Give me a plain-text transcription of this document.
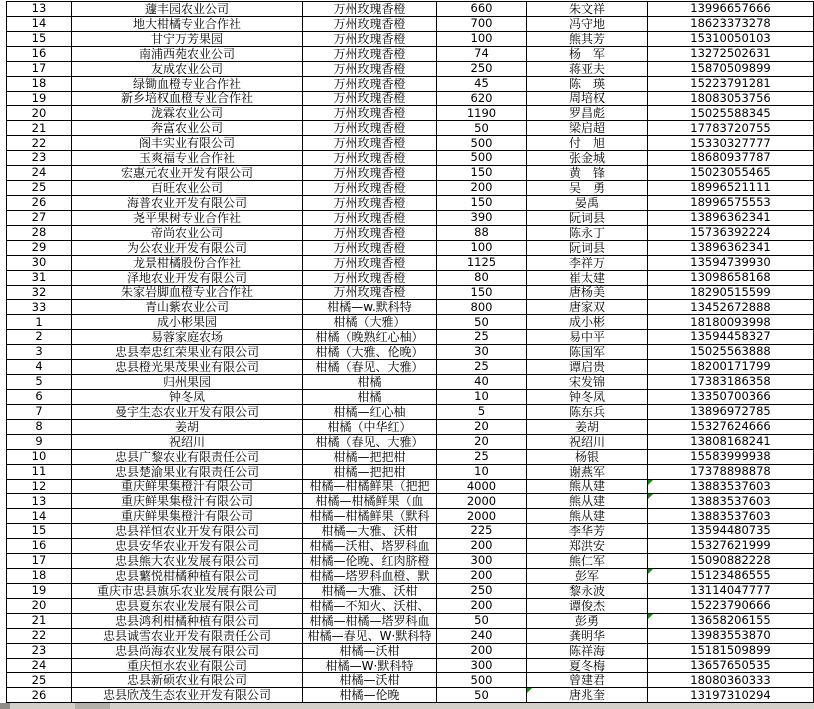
13	蘧丰园农业公司	万州玫瑰香橙	660	朱文祥	13996657666
14	地大柑橘专业合作社	万州玫瑰香橙	700	冯守地	18623373278
15	甘宁万芳果园	万州玫瑰香橙	100	熊其芳	15310050103
16	南浦西苑农业公司	万州玫瑰香橙	74	杨　军	13272502631
17	友成农业公司	万州玫瑰香橙	250	蒋亚夫	15870509899
18	绿锄血橙专业合作社	万州玫瑰香橙	45	陈　瑛	15223791281
19	新乡培权血橙专业合作社	万州玫瑰香橙	620	周培权	18083053756
20	泷霖农业公司	万州玫瑰香橙	1190	罗昌彪	15025588345
21	奔富农业公司	万州玫瑰香橙	50	梁启超	17783720755
22	阁丰实业有限公司	万州玫瑰香橙	500	付　旭	15330327777
23	玉爽福专业合作社	万州玫瑰香橙	500	张金城	18680937787
24	宏惠元农业开发有限公司	万州玫瑰香橙	150	黄　锋	15023055465
25	百旺农业公司	万州玫瑰香橙	200	吴　勇	18996521111
26	海普农业开发有限公司	万州玫瑰香橙	150	晏禹	18996575553
27	尧平果树专业合作社	万州玫瑰香橙	390	阮词县	13896362341
28	帝尚农业公司	万州玫瑰香橙	88	陈永丁	15736392224
29	为公农业开发有限公司	万州玫瑰香橙	100	阮词县	13896362341
30	龙景柑橘股份合作社	万州玫瑰香橙	1125	李祥万	13594739930
31	泽地农业开发有限公司	万州玫瑰香橙	80	崔太建	13098658168
32	朱家岩脚血橙专业合作社	万州玫瑰香橙	150	唐杨美	18290515599
33	青山紫农业公司	柑橘—w.默科特	800	唐家双	13452672888
1	成小彬果园	柑橘（大雅）	50	成小彬	18180093998
2	易蓉家庭农场	柑橘（晚熟红心柚）	25	易中平	13594458327
3	忠县奉忠红荣果业有限公司	柑橘（大雅、伦晚）	30	陈国军	15025563888
4	忠县橙光果茂果业有限公司	柑橘（春见、大雅）	25	谭启贵	18200171799
5	归州果园	柑橘	40	宋发锦	17383186358
6	钟冬凤	柑橘	10	钟冬凤	13350700366
7	曼宇生态农业开发有限公司	柑橘—红心柚	5	陈东兵	13896972785
8	姜胡	柑橘（中华红）	20	姜胡	15327624666
9	祝绍川	柑橘（春见、大雅）	20	祝绍川	13808168241
10	忠县广黎农业有限责任公司	柑橘—把把柑	25	杨银	15583999938
11	忠县楚渝果业有限责任公司	柑橘—把把柑	10	谢燕军	17378898878
12	重庆鲜果集橙汁有限公司	柑橘—柑橘鲜果（把把	4000	熊从建	13883537603
13	重庆鲜果集橙汁有限公司	柑橘—柑橘鲜果（血	2000	熊从建	13883537603
14	重庆鲜果集橙汁有限公司	柑橘—柑橘鲜果（默科	2000	熊从建	13883537603
15	忠县祥恒农业开发有限公司	柑橘—大雅、沃柑	225	李华芳	13594480735
16	忠县安华农业开发有限公司	柑橘—沃柑、塔罗科血	200	郑洪安	15327621999
17	忠县熊大农业发展有限公司	柑橘—伦晚、红肉脐橙	300	熊仁军	15090882228
18	忠县蘩悦柑橘种植有限公司	柑橘—塔罗科血橙、默	200	彭军	15123486555
19	重庆市忠县旗乐农业发展有限公司	柑橘—大雅、沃柑	250	黎永波	13114047777
20	忠县夏东农业发展有限公司	柑橘—不知火、沃柑、	200	谭俊杰	15223790666
21	忠县鸿利柑橘种植有限公司	柑橘—柑橘—塔罗科血	50	彭勇	13658206155
22	忠县诚雪农业开发有限责任公司	柑橘—春见、W·默科特	240	龚明华	13983553870
23	忠县尚海农业发展有限公司	柑橘—沃柑	200	陈祥海	15181509899
24	重庆恒水农业有限公司	柑橘—W·默科特	300	夏冬梅	13657650535
25	忠县新硕农业有限公司	柑橘—沃柑	500	曾建君	18080360333
26	忠县欣茂生态农业开发有限公司	柑橘—伦晚	50	唐兆奎	13197310294
